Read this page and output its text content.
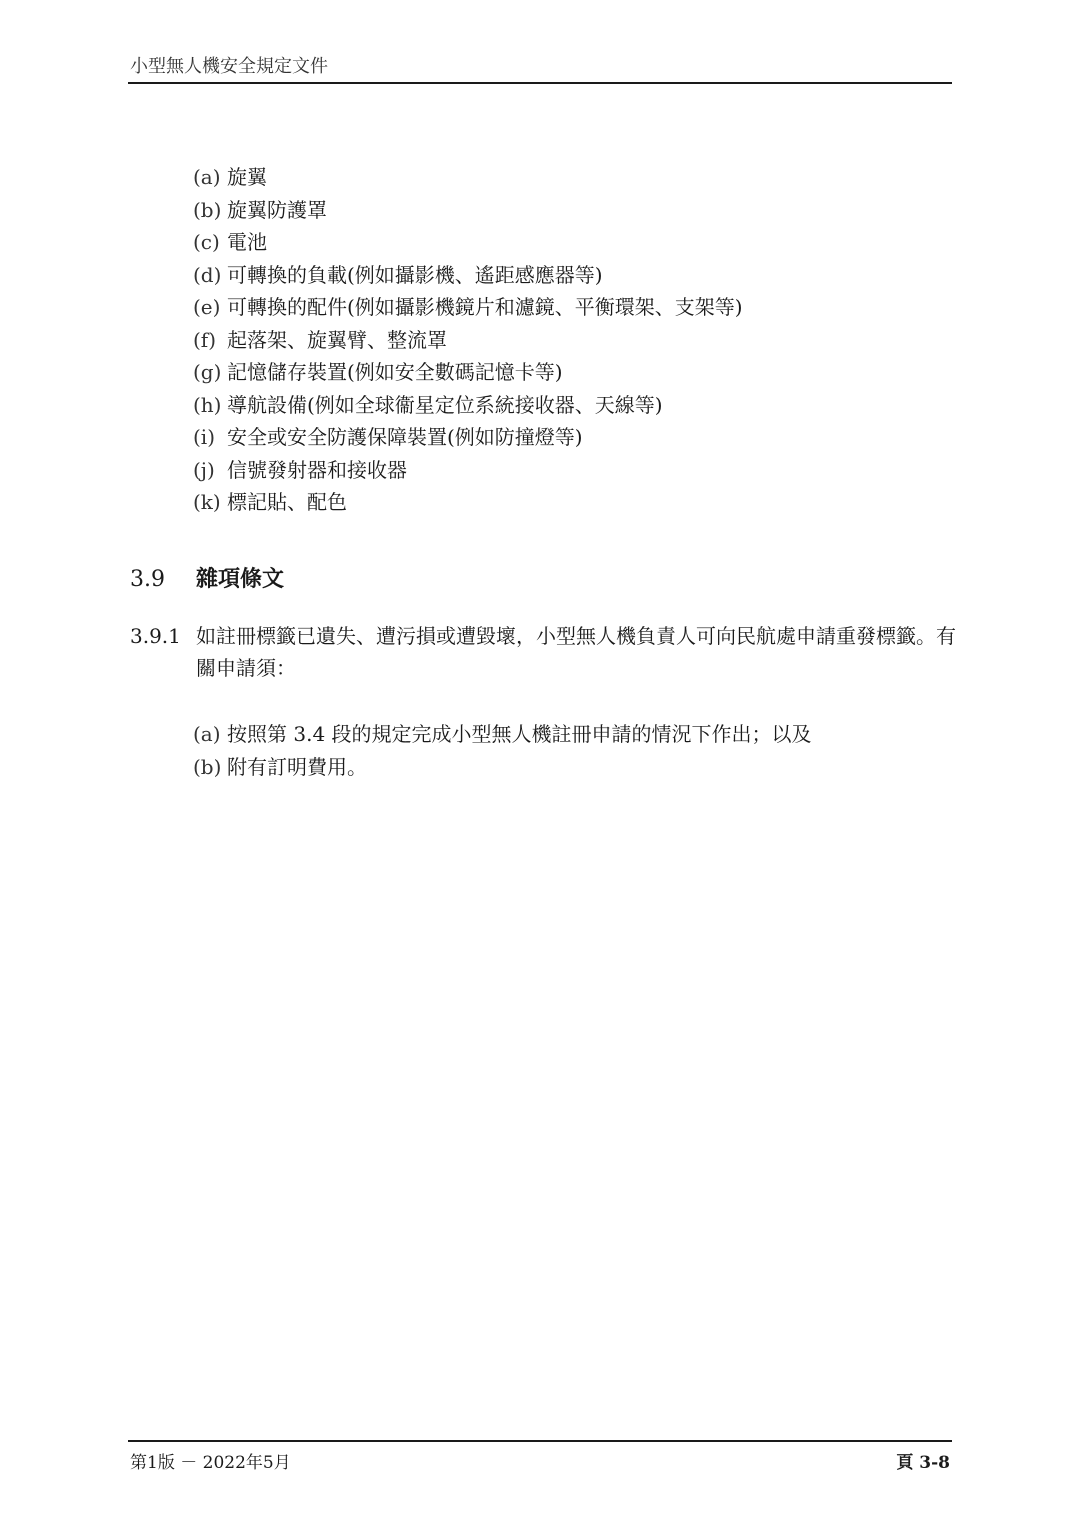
小型無人機安全規定文件
(a) 旋翼
(b) 旋翼防護罩
(c) 電池
(d) 可轉換的負載(例如攝影機、遙距感應器等)
(e) 可轉換的配件(例如攝影機鏡片和濾鏡、平衡環架、支架等)
(f) 起落架、旋翼臂、整流罩
(g) 記憶儲存裝置(例如安全數碼記憶卡等)
(h) 導航設備(例如全球衞星定位系統接收器、天線等)
(i) 安全或安全防護保障裝置(例如防撞燈等)
(j) 信號發射器和接收器
(k) 標記貼、配色
3.9 雜項條文
3.9.1 如註冊標籤已遺失、遭污損或遭毀壞，小型無人機負責人可向民航處申請重發標籤。有關申請須：
(a) 按照第 3.4 段的規定完成小型無人機註冊申請的情況下作出；以及
(b) 附有訂明費用。
第1版 － 2022年5月	頁 3-8
